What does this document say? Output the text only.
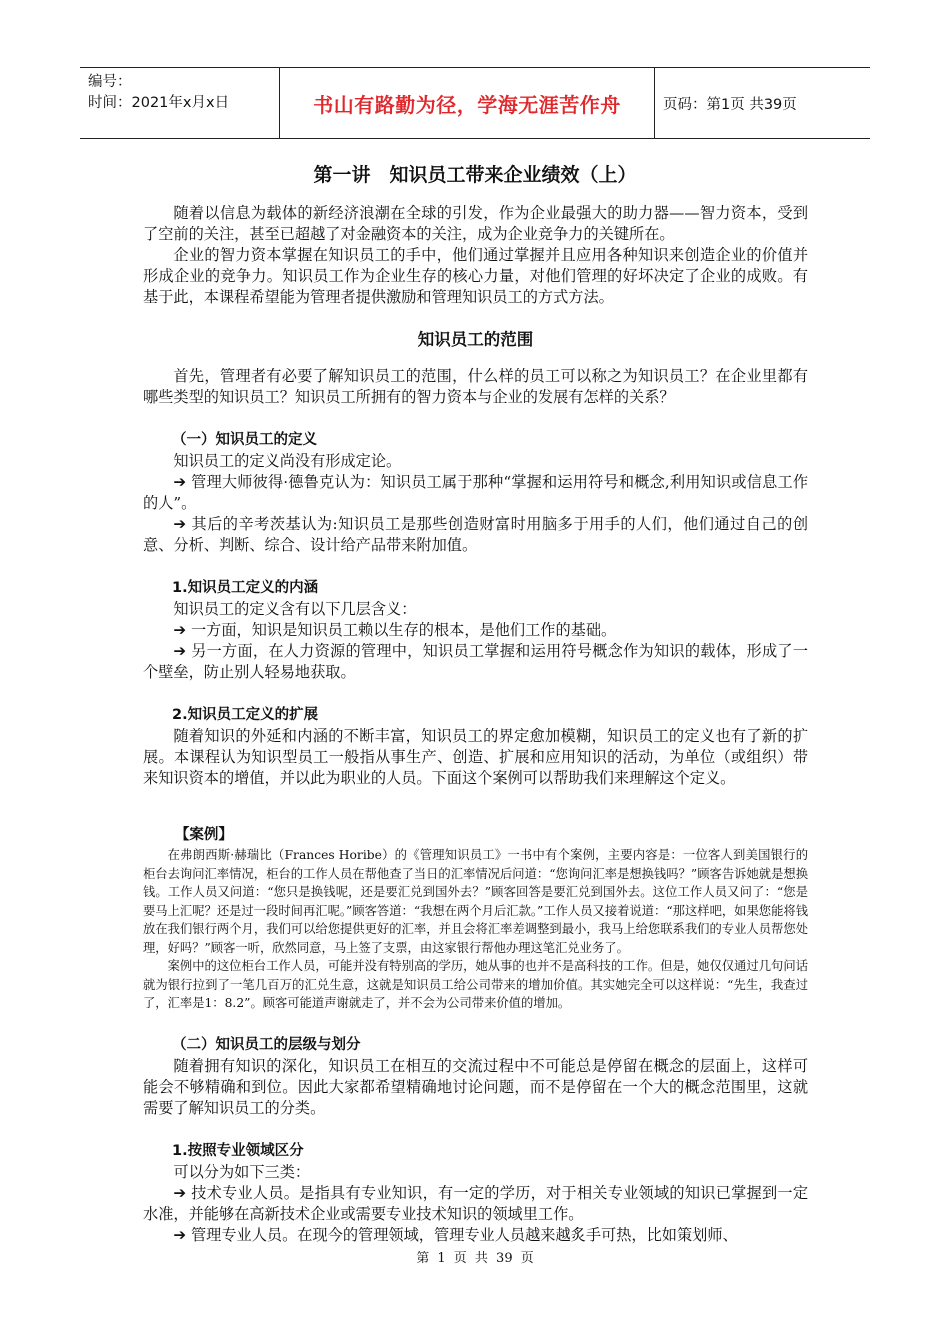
编号：
时间：2021年x月x日	书山有路勤为径，学海无涯苦作舟	页码：第1页 共39页
第一讲　知识员工带来企业绩效（上）

随着以信息为载体的新经济浪潮在全球的引发，作为企业最强大的助力器——智力资本，受到了空前的关注，甚至已超越了对金融资本的关注，成为企业竞争力的关键所在。

企业的智力资本掌握在知识员工的手中，他们通过掌握并且应用各种知识来创造企业的价值并形成企业的竞争力。知识员工作为企业生存的核心力量，对他们管理的好坏决定了企业的成败。有基于此，本课程希望能为管理者提供激励和管理知识员工的方式方法。

知识员工的范围

首先，管理者有必要了解知识员工的范围，什么样的员工可以称之为知识员工？在企业里都有哪些类型的知识员工？知识员工所拥有的智力资本与企业的发展有怎样的关系？

（一）知识员工的定义

知识员工的定义尚没有形成定论。

➔ 管理大师彼得·德鲁克认为：知识员工属于那种“掌握和运用符号和概念,利用知识或信息工作的人”。

➔ 其后的辛考茨基认为:知识员工是那些创造财富时用脑多于用手的人们，他们通过自己的创意、分析、判断、综合、设计给产品带来附加值。

1.知识员工定义的内涵

知识员工的定义含有以下几层含义：

➔ 一方面，知识是知识员工赖以生存的根本，是他们工作的基础。

➔ 另一方面，在人力资源的管理中，知识员工掌握和运用符号概念作为知识的载体，形成了一个壁垒，防止别人轻易地获取。

2.知识员工定义的扩展

随着知识的外延和内涵的不断丰富，知识员工的界定愈加模糊，知识员工的定义也有了新的扩展。本课程认为知识型员工一般指从事生产、创造、扩展和应用知识的活动，为单位（或组织）带来知识资本的增值，并以此为职业的人员。下面这个案例可以帮助我们来理解这个定义。

【案例】

在弗朗西斯·赫瑞比（Frances Horibe）的《管理知识员工》一书中有个案例，主要内容是：一位客人到美国银行的柜台去询问汇率情况，柜台的工作人员在帮他查了当日的汇率情况后问道：“您询问汇率是想换钱吗？”顾客告诉她就是想换钱。工作人员又问道：“您只是换钱呢，还是要汇兑到国外去？”顾客回答是要汇兑到国外去。这位工作人员又问了：“您是要马上汇呢？还是过一段时间再汇呢。”顾客答道：“我想在两个月后汇款。”工作人员又接着说道：“那这样吧，如果您能将钱放在我们银行两个月，我们可以给您提供更好的汇率，并且会将汇率差调整到最小，我马上给您联系我们的专业人员帮您处理，好吗？”顾客一听，欣然同意，马上签了支票，由这家银行帮他办理这笔汇兑业务了。

案例中的这位柜台工作人员，可能并没有特别高的学历，她从事的也并不是高科技的工作。但是，她仅仅通过几句问话就为银行拉到了一笔几百万的汇兑生意，这就是知识员工给公司带来的增加价值。其实她完全可以这样说：“先生，我查过了，汇率是1：8.2”。顾客可能道声谢就走了，并不会为公司带来价值的增加。

（二）知识员工的层级与划分

随着拥有知识的深化，知识员工在相互的交流过程中不可能总是停留在概念的层面上，这样可能会不够精确和到位。因此大家都希望精确地讨论问题，而不是停留在一个大的概念范围里，这就需要了解知识员工的分类。

1.按照专业领域区分

可以分为如下三类：

➔ 技术专业人员。是指具有专业知识，有一定的学历，对于相关专业领域的知识已掌握到一定水准，并能够在高新技术企业或需要专业技术知识的领域里工作。

➔ 管理专业人员。在现今的管理领域，管理专业人员越来越炙手可热，比如策划师、

第 1 页 共 39 页
